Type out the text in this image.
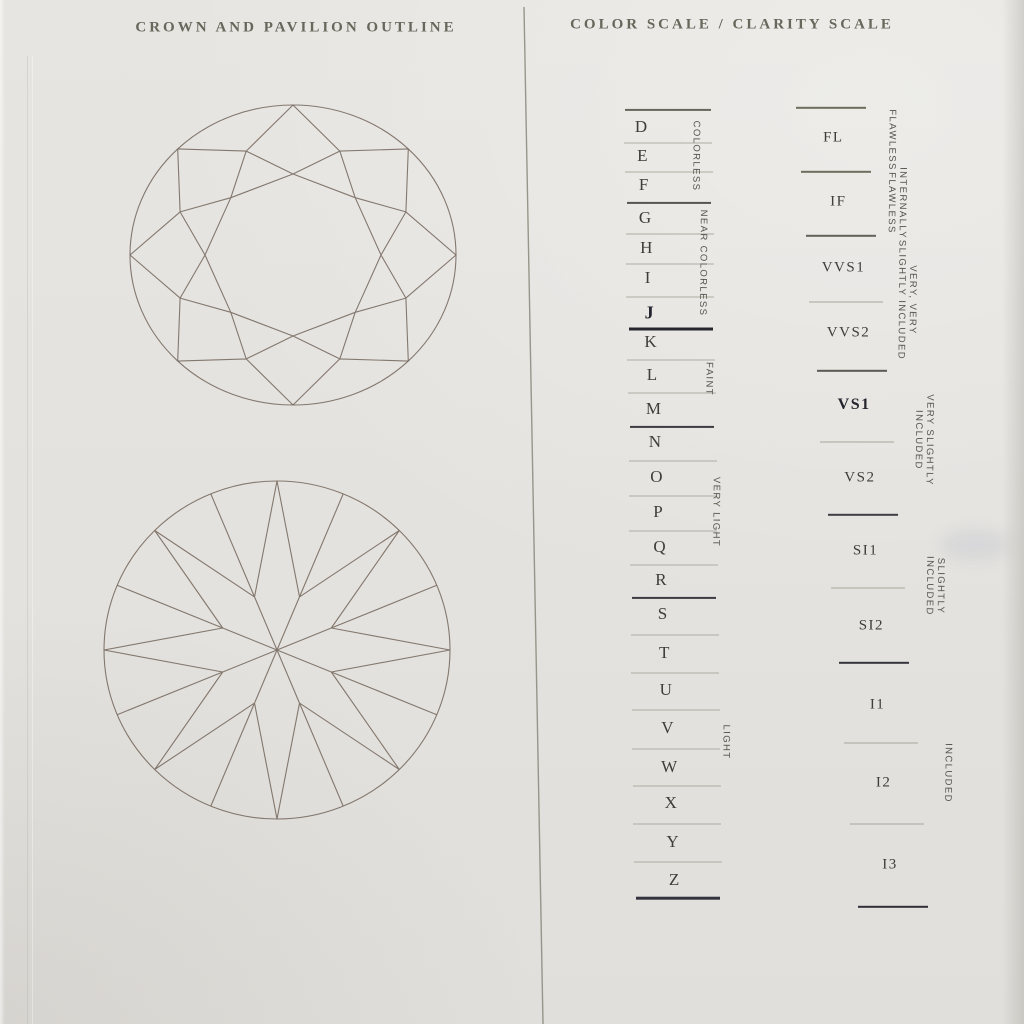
CROWN AND PAVILION OUTLINE	COLOR SCALE / CLARITY SCALE
D
E
F
G
H
I
J
K
L
M
N
O
P
Q
R
S
T
U
V
W
X
Y
Z
COLORLESS
NEAR COLORLESS
FAINT
VERY LIGHT
LIGHT
FL
IF
VVS1
VVS2
VS1
VS2
SI1
SI2
I1
I2
I3
FLAWLESS
INTERNALLY
FLAWLESS
VERY, VERY
SLIGHTLY INCLUDED
VERY SLIGHTLY
INCLUDED
SLIGHTLY
INCLUDED
INCLUDED
